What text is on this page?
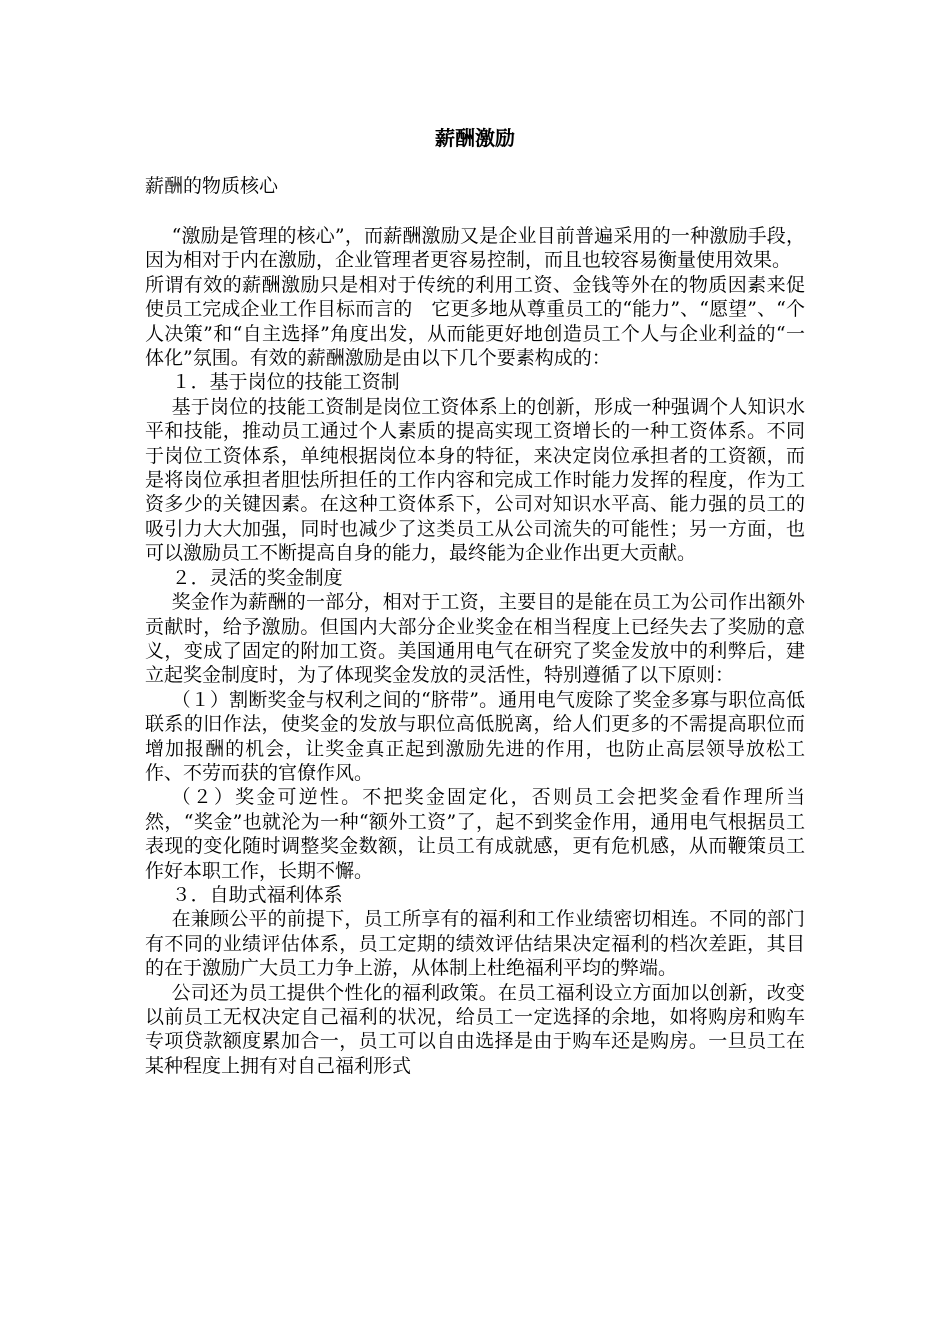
薪酬激励

薪酬的物质核心

“激励是管理的核心”，而薪酬激励又是企业目前普遍采用的一种激励手段，因为相对于内在激励，企业管理者更容易控制，而且也较容易衡量使用效果。

所谓有效的薪酬激励只是相对于传统的利用工资、金钱等外在的物质因素来促使员工完成企业工作目标而言的　它更多地从尊重员工的“能力”、“愿望”、“个人决策”和“自主选择”角度出发，从而能更好地创造员工个人与企业利益的“一体化”氛围。有效的薪酬激励是由以下几个要素构成的：

１．基于岗位的技能工资制

基于岗位的技能工资制是岗位工资体系上的创新，形成一种强调个人知识水平和技能，推动员工通过个人素质的提高实现工资增长的一种工资体系。不同于岗位工资体系，单纯根据岗位本身的特征，来决定岗位承担者的工资额，而是将岗位承担者胆怯所担任的工作内容和完成工作时能力发挥的程度，作为工资多少的关键因素。在这种工资体系下，公司对知识水平高、能力强的员工的吸引力大大加强，同时也减少了这类员工从公司流失的可能性；另一方面，也可以激励员工不断提高自身的能力，最终能为企业作出更大贡献。

２．灵活的奖金制度

奖金作为薪酬的一部分，相对于工资，主要目的是能在员工为公司作出额外贡献时，给予激励。但国内大部分企业奖金在相当程度上已经失去了奖励的意义，变成了固定的附加工资。美国通用电气在研究了奖金发放中的利弊后，建立起奖金制度时，为了体现奖金发放的灵活性，特别遵循了以下原则：

（１）割断奖金与权利之间的“脐带”。通用电气废除了奖金多寡与职位高低联系的旧作法，使奖金的发放与职位高低脱离，给人们更多的不需提高职位而增加报酬的机会，让奖金真正起到激励先进的作用，也防止高层领导放松工作、不劳而获的官僚作风。

（２）奖金可逆性。不把奖金固定化，否则员工会把奖金看作理所当然，“奖金”也就沦为一种“额外工资”了，起不到奖金作用，通用电气根据员工表现的变化随时调整奖金数额，让员工有成就感，更有危机感，从而鞭策员工作好本职工作，长期不懈。

３．自助式福利体系

在兼顾公平的前提下，员工所享有的福利和工作业绩密切相连。不同的部门有不同的业绩评估体系，员工定期的绩效评估结果决定福利的档次差距，其目的在于激励广大员工力争上游，从体制上杜绝福利平均的弊端。

公司还为员工提供个性化的福利政策。在员工福利设立方面加以创新，改变以前员工无权决定自己福利的状况，给员工一定选择的余地，如将购房和购车专项贷款额度累加合一，员工可以自由选择是由于购车还是购房。一旦员工在某种程度上拥有对自己福利形式
